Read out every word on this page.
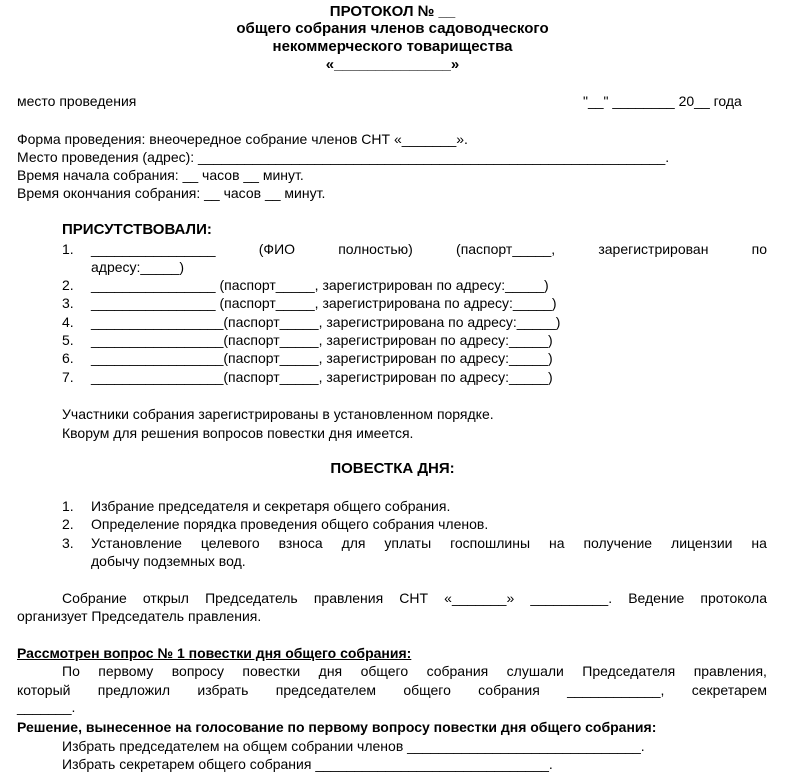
ПРОТОКОЛ № __
общего собрания членов садоводческого
некоммерческого товарищества
«______________»
место проведения	"__" ________ 20__ года
Форма проведения: внеочередное собрание членов СНТ «_______».
Место проведения (адрес): ____________________________________________________________.
Время начала собрания: __ часов __ минут.
Время окончания собрания: __ часов __ минут.
ПРИСУТСТВОВАЛИ:
1. ________________	(ФИО	полностью)	(паспорт_____,	зарегистрирован	по
адресу:_____)
2. ________________ (паспорт_____, зарегистрирован по адресу:_____)
3. ________________ (паспорт_____, зарегистрирована по адресу:_____)
4. _________________(паспорт_____, зарегистрирована по адресу:_____)
5. _________________(паспорт_____, зарегистрирован по адресу:_____)
6. _________________(паспорт_____, зарегистрирован по адресу:_____)
7. _________________(паспорт_____, зарегистрирован по адресу:_____)
Участники собрания зарегистрированы в установленном порядке.
Кворум для решения вопросов повестки дня имеется.
ПОВЕСТКА ДНЯ:
1. Избрание председателя и секретаря общего собрания.
2. Определение порядка проведения общего собрания членов.
3. Установление целевого взноса для уплаты госпошлины на получение лицензии на
добычу подземных вод.
Собрание открыл Председатель правления СНТ «_______» __________. Ведение протокола
организует Председатель правления.
Рассмотрен вопрос № 1 повестки дня общего собрания:
По первому вопросу повестки дня общего собрания слушали Председателя правления,
который предложил избрать председателем общего собрания ____________, секретарем
_______.
Решение, вынесенное на голосование по первому вопросу повестки дня общего собрания:
Избрать председателем на общем собрании членов ______________________________.
Избрать секретарем общего собрания ______________________________.
